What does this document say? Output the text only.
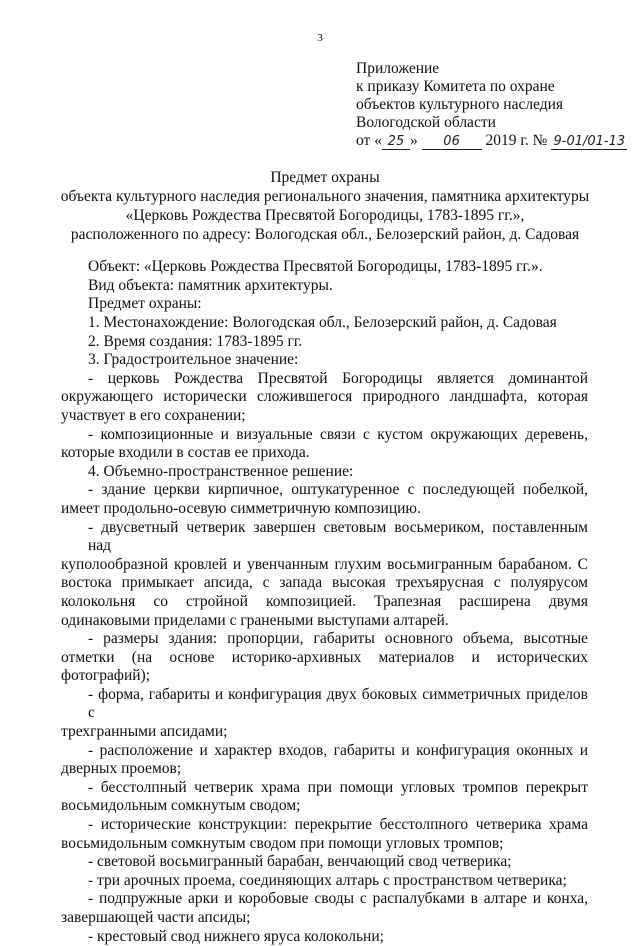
3
Приложение
к приказу Комитета по охране
объектов культурного наследия
Вологодской области
от « 25 » 06 2019 г. № 9-01/01-13
Предмет охраны
объекта культурного наследия регионального значения, памятника архитектуры
«Церковь Рождества Пресвятой Богородицы, 1783-1895 гг.»,
расположенного по адресу: Вологодская обл., Белозерский район, д. Садовая
Объект: «Церковь Рождества Пресвятой Богородицы, 1783-1895 гг.».
Вид объекта: памятник архитектуры.
Предмет охраны:
1. Местонахождение: Вологодская обл., Белозерский район, д. Садовая
2. Время создания: 1783-1895 гг.
3. Градостроительное значение:
- церковь Рождества Пресвятой Богородицы является доминантой
окружающего исторически сложившегося природного ландшафта, которая участвует в его сохранении;
- композиционные и визуальные связи с кустом окружающих деревень,
которые входили в состав ее прихода.
4. Объемно-пространственное решение:
- здание церкви кирпичное, оштукатуренное с последующей побелкой,
имеет продольно-осевую симметричную композицию.
- двусветный четверик завершен световым восьмериком, поставленным над
куполообразной кровлей и увенчанным глухим восьмигранным барабаном. С востока примыкает апсида, с запада высокая трехъярусная с полуярусом колокольня со стройной композицией. Трапезная расширена двумя одинаковыми приделами с гранеными выступами алтарей.
- размеры здания: пропорции, габариты основного объема, высотные
отметки (на основе историко-архивных материалов и исторических фотографий);
- форма, габариты и конфигурация двух боковых симметричных приделов с
трехгранными апсидами;
- расположение и характер входов, габариты и конфигурация оконных и
дверных проемов;
- бесстолпный четверик храма при помощи угловых тромпов перекрыт
восьмидольным сомкнутым сводом;
- исторические конструкции: перекрытие бесстолпного четверика храма
восьмидольным сомкнутым сводом при помощи угловых тромпов;
- световой восьмигранный барабан, венчающий свод четверика;
- три арочных проема, соединяющих алтарь с пространством четверика;
- подпружные арки и коробовые своды с распалубками в алтаре и конха,
завершающей части апсиды;
- крестовый свод нижнего яруса колокольни;
